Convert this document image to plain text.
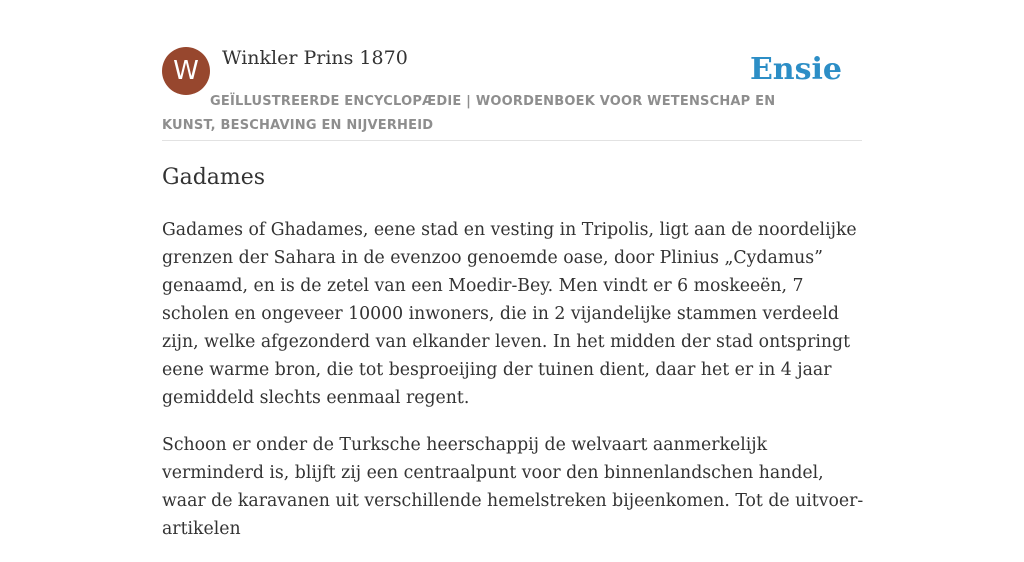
W	Winkler Prins 1870	Ensie
GEÏLLUSTREERDE ENCYCLOPÆDIE | WOORDENBOEK VOOR WETENSCHAP EN KUNST, BESCHAVING EN NIJVERHEID
Gadames

Gadames of Ghadames, eene stad en vesting in Tripolis, ligt aan de noordelijke grenzen der Sahara in de evenzoo genoemde oase, door Plinius „Cydamus” genaamd, en is de zetel van een Moedir-Bey. Men vindt er 6 moskeeën, 7 scholen en ongeveer 10000 inwoners, die in 2 vijandelijke stammen verdeeld zijn, welke afgezonderd van elkander leven. In het midden der stad ontspringt eene warme bron, die tot besproeijing der tuinen dient, daar het er in 4 jaar gemiddeld slechts eenmaal regent.

Schoon er onder de Turksche heerschappij de welvaart aanmerkelijk verminderd is, blijft zij een centraalpunt voor den binnenlandschen handel, waar de karavanen uit verschillende hemelstreken bijeenkomen. Tot de uitvoer-artikelen
